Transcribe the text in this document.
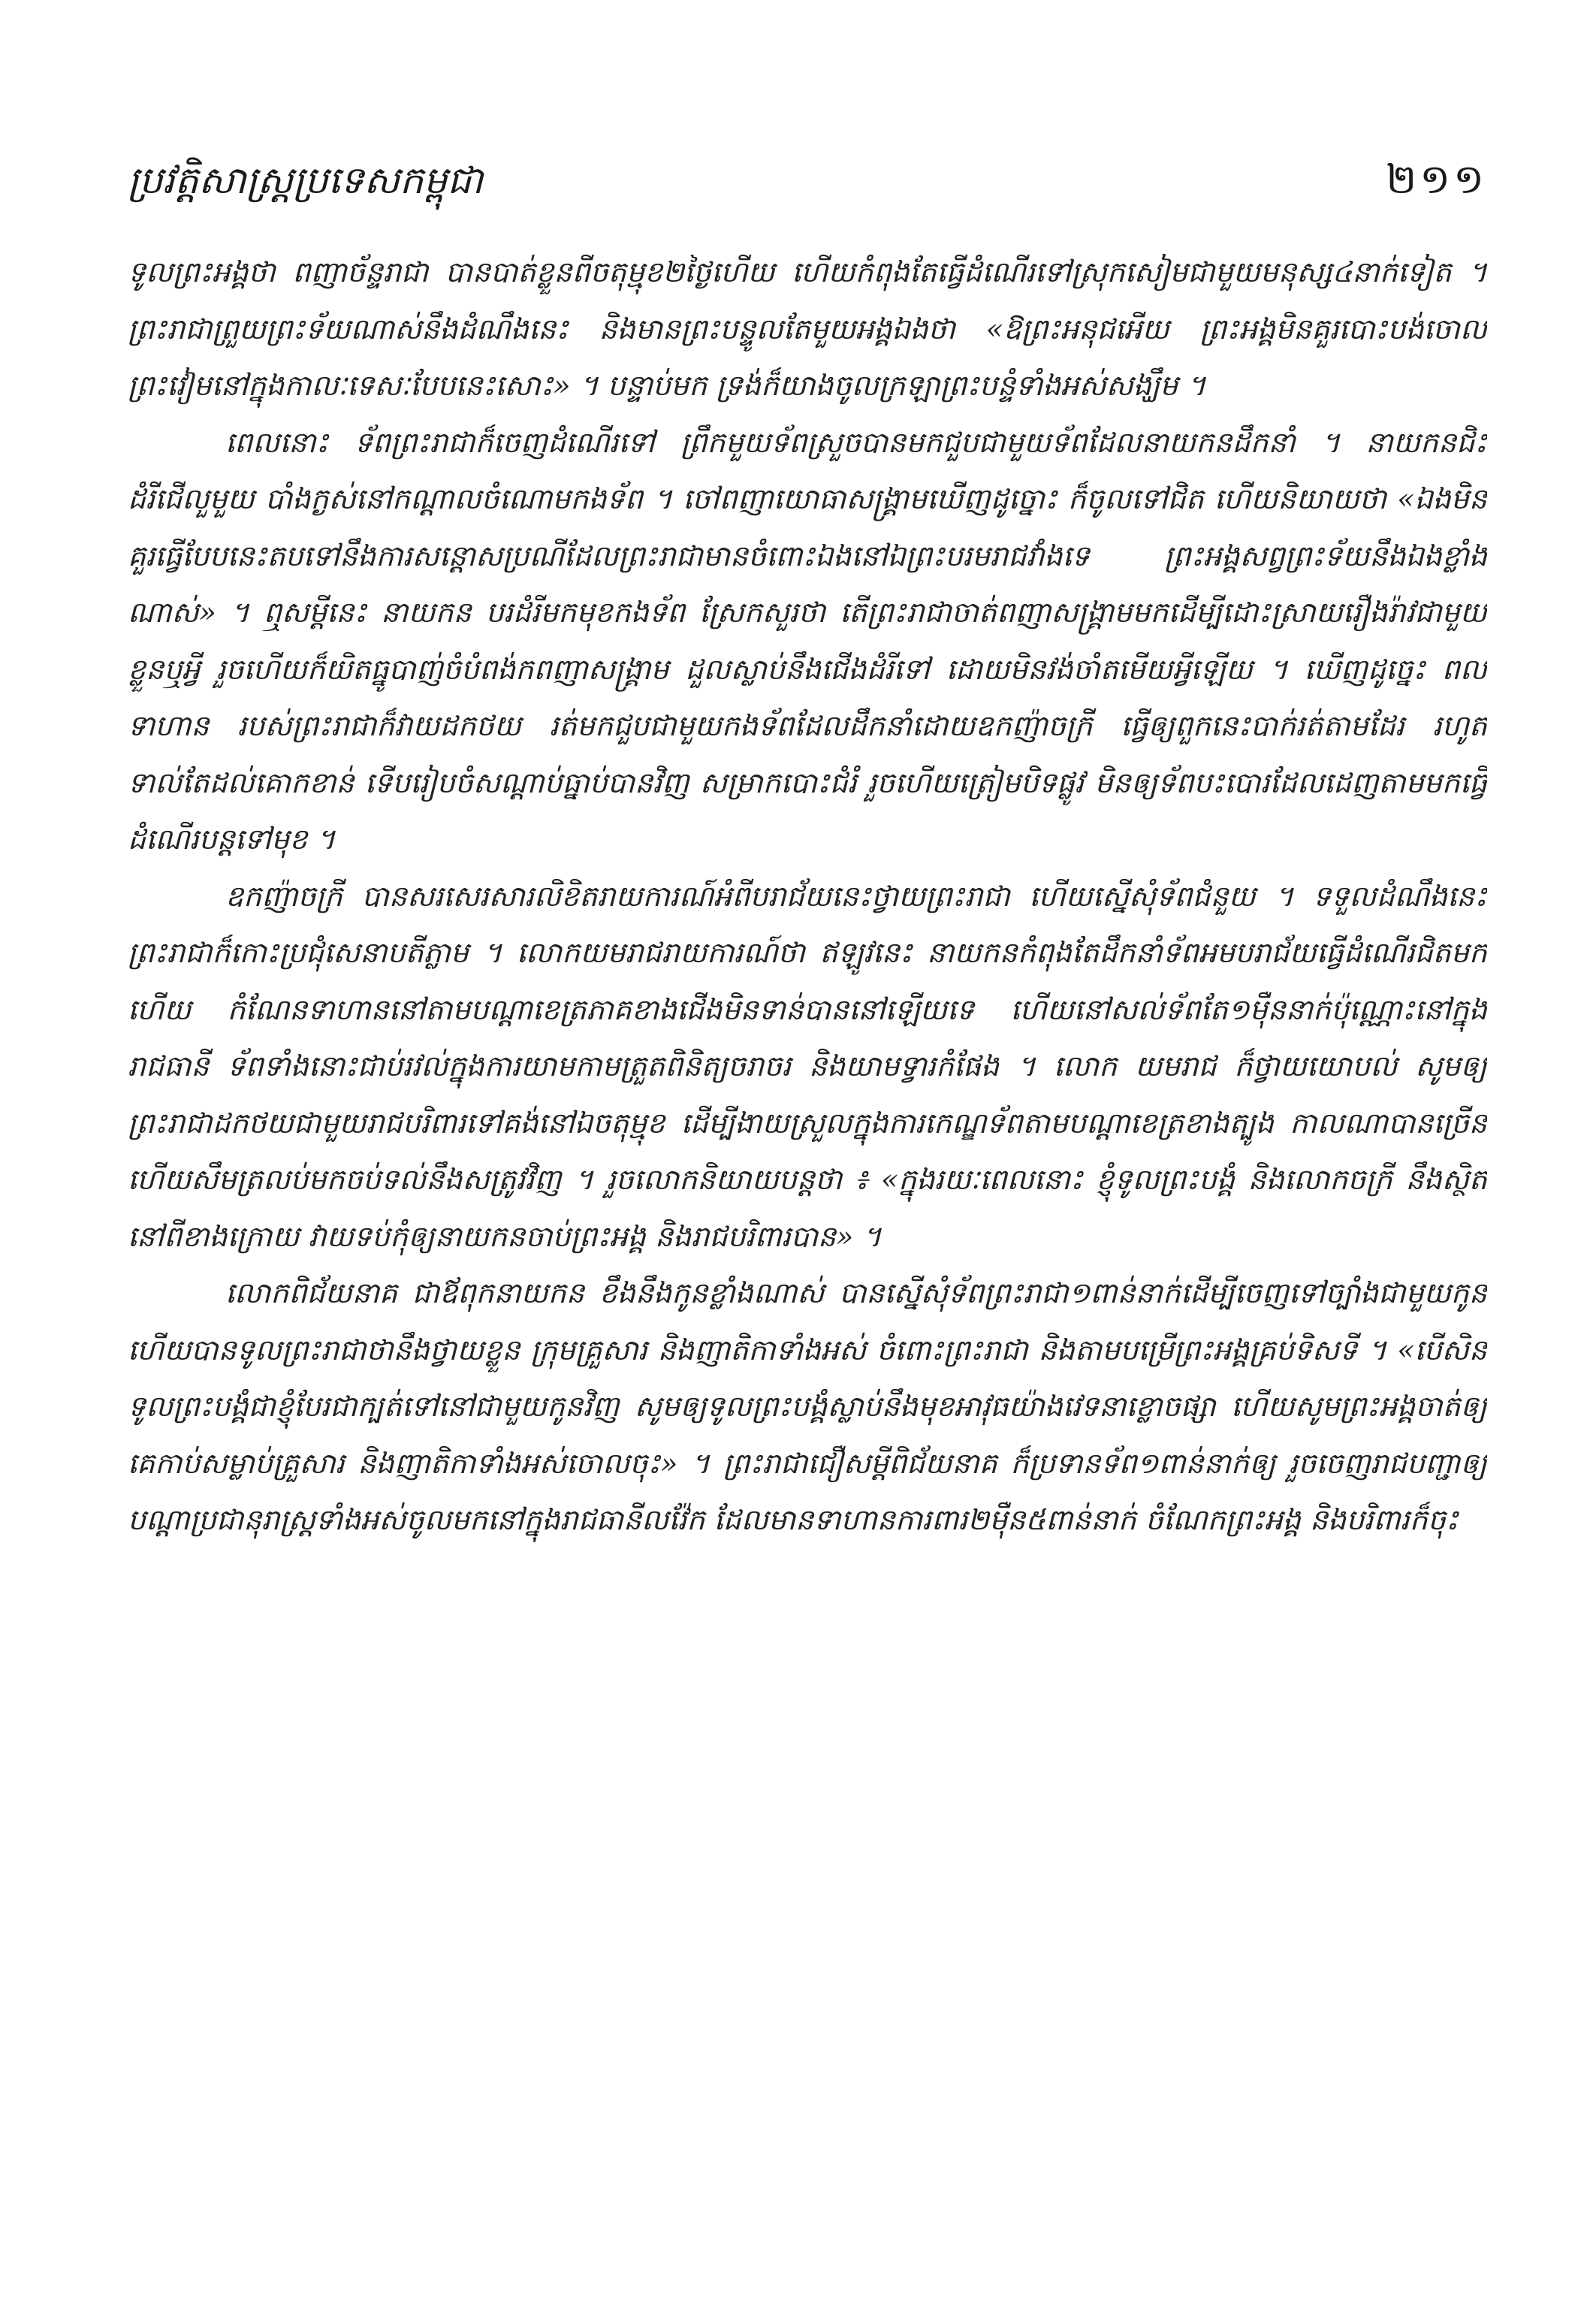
ប្រវត្តិសាស្ត្រប្រទេសកម្ពុជា	២១១

ទូលព្រះអង្គថា ពញាច័ន្ទរាជា បានបាត់ខ្លួនពីចតុម្មុខ២ថ្ងៃហើយ ហើយកំពុងតែធ្វើដំណើរទៅស្រុកសៀមជាមួយមនុស្ស៤នាក់ទៀត ។ ព្រះរាជាព្រួយព្រះទ័យណាស់នឹងដំណឹងនេះ និងមានព្រះបន្ទូលតែមួយអង្គឯងថា «ឱព្រះអនុជអើយ ព្រះអង្គមិនគួរបោះបង់ចោលព្រះវៀមនៅក្នុងកាលៈទេសៈបែបនេះសោះ» ។ បន្ទាប់មក ទ្រង់ក៏យាងចូលក្រឡាព្រះបន្ទំទាំងអស់សង្ឃឹម ។

ពេលនោះ ទ័ពព្រះរាជាក៏ចេញដំណើរទៅ ព្រឹកមួយទ័ពស្រួចបានមកជួបជាមួយទ័ពដែលនាយកនដឹកនាំ ។ នាយកនជិះដំរីជើលួមួយ បាំងក្ងស់នៅកណ្តាលចំណោមកងទ័ព ។ ចៅពញាយោធាសង្គ្រាមឃើញដូច្នោះ ក៏ចូលទៅជិត ហើយនិយាយថា «ឯងមិនគួរធ្វើបែបនេះតបទៅនឹងការសន្តោសប្រណីដែលព្រះរាជាមានចំពោះឯងនៅឯព្រះបរមរាជវាំងទេ ព្រះអង្គសព្វព្រះទ័យនឹងឯងខ្លាំងណាស់» ។ ឮសម្តីនេះ នាយកន បរដំរីមកមុខកងទ័ព ស្រែកសួរថា តើព្រះរាជាចាត់ពញាសង្គ្រាមមកដើម្បីដោះស្រាយរឿងរ៉ាវជាមួយខ្លួនឬអ្វី រួចហើយក៏យិតធ្នូបាញ់ចំបំពង់កពញាសង្គ្រាម ដួលស្លាប់នឹងជើងដំរីទៅ ដោយមិនវង់ចាំតមើយអ្វីឡើយ ។ ឃើញដូច្នេះ ពលទាហាន របស់ព្រះរាជាក៏វាយដកថយ រត់មកជួបជាមួយកងទ័ពដែលដឹកនាំដោយឧកញ៉ាចក្រី ធ្វើឲ្យពួកនេះបាក់រត់តាមដែរ រហូតទាល់តែដល់គោកខាន់ ទើបរៀបចំសណ្តាប់ធ្នាប់បានវិញ សម្រាកបោះជំរំ រួចហើយត្រៀមបិទផ្លូវ មិនឲ្យទ័ពបះបោរដែលដេញតាមមកធ្វើដំណើរបន្តទៅមុខ ។

ឧកញ៉ាចក្រី បានសរសេរសារលិខិតរាយការណ៍អំពីបរាជ័យនេះថ្វាយព្រះរាជា ហើយស្នើសុំទ័ពជំនួយ ។ ទទួលដំណឹងនេះ ព្រះរាជាក៏កោះប្រជុំសេនាបតីភ្លាម ។ លោកយមរាជរាយការណ៍ថា ឥឡូវនេះ នាយកនកំពុងតែដឹកនាំទ័ពអមបរាជ័យធ្វើដំណើរជិតមកហើយ កំណែនទាហាននៅតាមបណ្តាខេត្រភាគខាងជើងមិនទាន់បាននៅឡើយទេ ហើយនៅសល់ទ័ពតែ១ម៉ឺននាក់ប៉ុណ្ណោះនៅក្នុងរាជធានី ទ័ពទាំងនោះជាប់រវល់ក្នុងការយាមកាមត្រួតពិនិត្យចរាចរ និងយាមទ្វារកំផែង ។ លោក យមរាជ ក៏ថ្វាយយោបល់ សូមឲ្យព្រះរាជាដកថយជាមួយរាជបរិពារទៅគង់នៅឯចតុម្មុខ ដើម្បីងាយស្រួលក្នុងការកេណ្ឌទ័ពតាមបណ្តាខេត្រខាងត្បូង កាលណាបានច្រើនហើយសឹមត្រលប់មកចប់ទល់នឹងសត្រូវវិញ ។ រួចលោកនិយាយបន្តថា ៖ «ក្នុងរយៈពេលនោះ ខ្ញុំទូលព្រះបង្គំ និងលោកចក្រី នឹងស្ថិតនៅពីខាងក្រោយ វាយទប់កុំឲ្យនាយកនចាប់ព្រះអង្គ និងរាជបរិពារបាន» ។

លោកពិជ័យនាគ ជាឪពុកនាយកន ខឹងនឹងកូនខ្លាំងណាស់ បានស្នើសុំទ័ពព្រះរាជា១ពាន់នាក់ដើម្បីចេញទៅច្បាំងជាមួយកូន ហើយបានទូលព្រះរាជាថានឹងថ្វាយខ្លួន ក្រុមគ្រួសារ និងញាតិកាទាំងអស់ ចំពោះព្រះរាជា និងតាមបម្រើព្រះអង្គគ្រប់ទិសទី ។ «បើសិនទូលព្រះបង្គំជាខ្ញុំបែរជាក្បត់ទៅនៅជាមួយកូនវិញ សូមឲ្យទូលព្រះបង្គំស្លាប់នឹងមុខអាវុធយ៉ាងវេទនាខ្លោចផ្សា ហើយសូមព្រះអង្គចាត់ឲ្យគេកាប់សម្លាប់គ្រួសារ និងញាតិកាទាំងអស់ចោលចុះ» ។ ព្រះរាជាជឿសម្តីពិជ័យនាគ ក៏ប្រទានទ័ព១ពាន់នាក់ឲ្យ រួចចេញរាជបញ្ជាឲ្យបណ្តាប្រជានុរាស្ត្រទាំងអស់ចូលមកនៅក្នុងរាជធានីលវ៉ែក ដែលមានទាហានការពារ២ម៉ឺន៥ពាន់នាក់ ចំណែកព្រះអង្គ និងបរិពារក៏ចុះ
